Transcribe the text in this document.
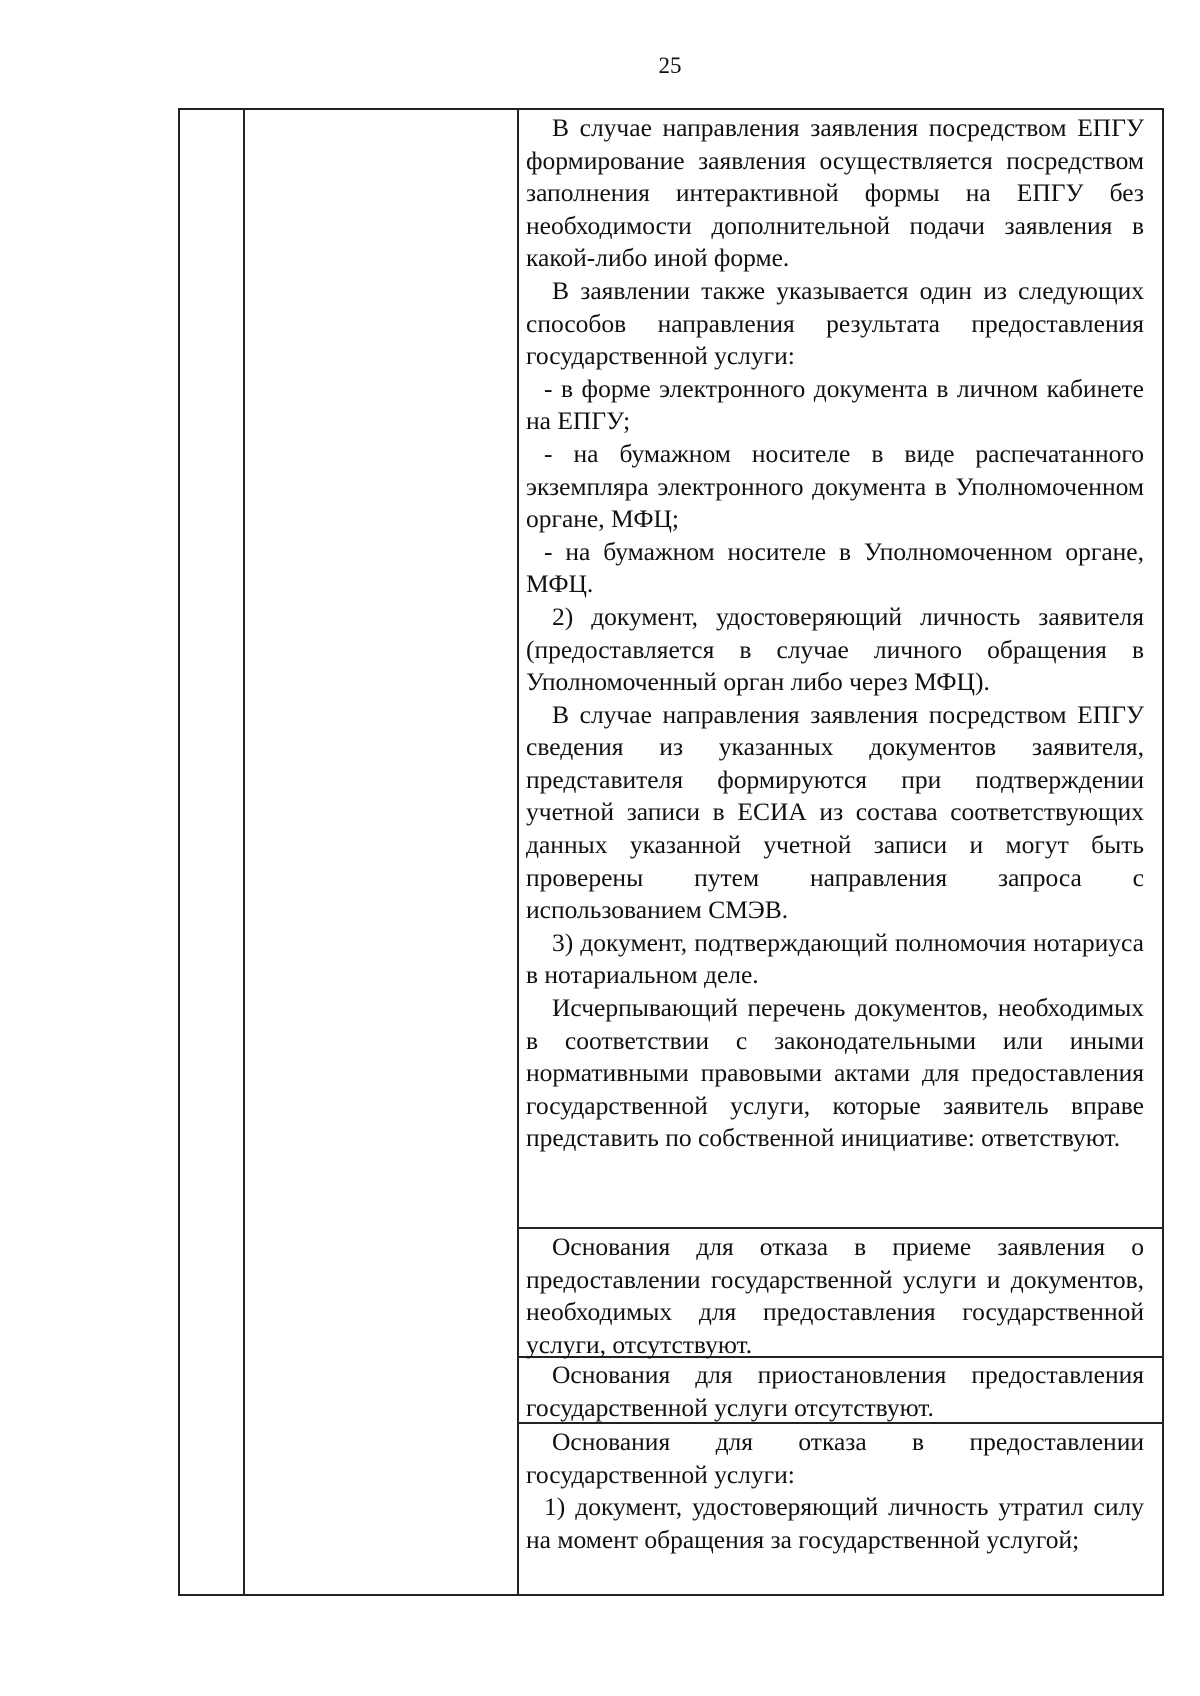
25

В случае направления заявления посредством ЕПГУ формирование заявления осуществляется посредством заполнения интерактивной формы на ЕПГУ без необходимости дополнительной подачи заявления в какой-либо иной форме.

В заявлении также указывается один из следующих способов направления результата предоставления государственной услуги:

- в форме электронного документа в личном кабинете на ЕПГУ;

- на бумажном носителе в виде распечатанного экземпляра электронного документа в Уполномоченном органе, МФЦ;

- на бумажном носителе в Уполномоченном органе, МФЦ.

2) документ, удостоверяющий личность заявителя (предоставляется в случае личного обращения в Уполномоченный орган либо через МФЦ).

В случае направления заявления посредством ЕПГУ сведения из указанных документов заявителя, представителя формируются при подтверждении учетной записи в ЕСИА из состава соответствующих данных указанной учетной записи и могут быть проверены путем направления запроса с использованием СМЭВ.

3) документ, подтверждающий полномочия нотариуса в нотариальном деле.

Исчерпывающий перечень документов, необходимых в соответствии с законодательными или иными нормативными правовыми актами для предоставления государственной услуги, которые заявитель вправе представить по собственной инициативе: ответствуют.

Основания для отказа в приеме заявления о предоставлении государственной услуги и документов, необходимых для предоставления государственной услуги, отсутствуют.

Основания для приостановления предоставления государственной услуги отсутствуют.

Основания для отказа в предоставлении государственной услуги:

1) документ, удостоверяющий личность утратил силу на момент обращения за государственной услугой;
